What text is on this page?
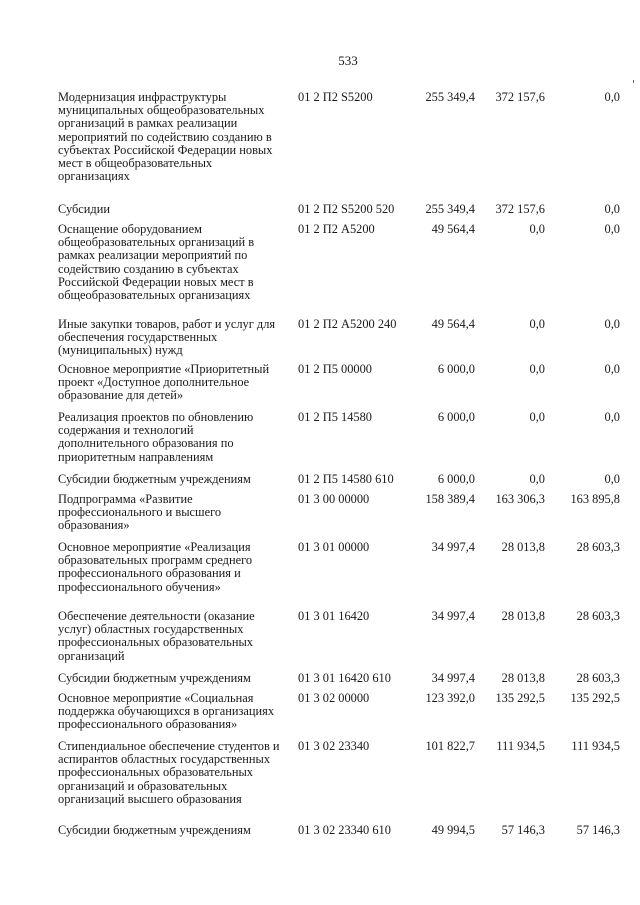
533
Модернизация инфраструктуры
муниципальных общеобразовательных
организаций в рамках реализации
мероприятий по содействию созданию в
субъектах Российской Федерации новых
мест в общеобразовательных
организациях
01 2 П2 S5200	255 349,4	372 157,6	0,0
Субсидии	01 2 П2 S5200 520	255 349,4	372 157,6	0,0
Оснащение оборудованием
общеобразовательных организаций в
рамках реализации мероприятий по
содействию созданию в субъектах
Российской Федерации новых мест в
общеобразовательных организациях
01 2 П2 A5200	49 564,4	0,0	0,0
Иные закупки товаров, работ и услуг для
обеспечения государственных
(муниципальных) нужд
01 2 П2 A5200 240	49 564,4	0,0	0,0
Основное мероприятие «Приоритетный
проект «Доступное дополнительное
образование для детей»
01 2 П5 00000	6 000,0	0,0	0,0
Реализация проектов по обновлению
содержания и технологий
дополнительного образования по
приоритетным направлениям
01 2 П5 14580	6 000,0	0,0	0,0
Субсидии бюджетным учреждениям	01 2 П5 14580 610	6 000,0	0,0	0,0
Подпрограмма «Развитие
профессионального и высшего
образования»
01 3 00 00000	158 389,4	163 306,3	163 895,8
Основное мероприятие «Реализация
образовательных программ среднего
профессионального образования и
профессионального обучения»
01 3 01 00000	34 997,4	28 013,8	28 603,3
Обеспечение деятельности (оказание
услуг) областных государственных
профессиональных образовательных
организаций
01 3 01 16420	34 997,4	28 013,8	28 603,3
Субсидии бюджетным учреждениям	01 3 01 16420 610	34 997,4	28 013,8	28 603,3
Основное мероприятие «Социальная
поддержка обучающихся в организациях
профессионального образования»
01 3 02 00000	123 392,0	135 292,5	135 292,5
Стипендиальное обеспечение студентов и
аспирантов областных государственных
профессиональных образовательных
организаций и образовательных
организаций высшего образования
01 3 02 23340	101 822,7	111 934,5	111 934,5
Субсидии бюджетным учреждениям	01 3 02 23340 610	49 994,5	57 146,3	57 146,3
